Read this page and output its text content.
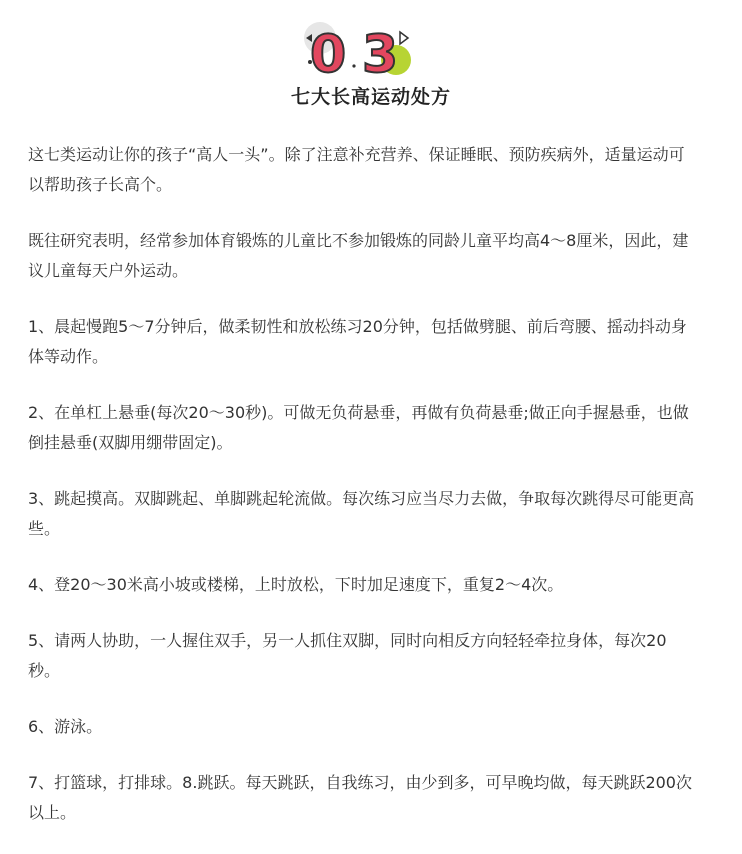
0 3
七大长高运动处方

这七类运动让你的孩子“高人一头”。除了注意补充营养、保证睡眠、预防疾病外，适量运动可以帮助孩子长高个。

既往研究表明，经常参加体育锻炼的儿童比不参加锻炼的同龄儿童平均高4～8厘米，因此，建议儿童每天户外运动。

1、晨起慢跑5～7分钟后，做柔韧性和放松练习20分钟，包括做劈腿、前后弯腰、摇动抖动身体等动作。

2、在单杠上悬垂(每次20～30秒)。可做无负荷悬垂，再做有负荷悬垂;做正向手握悬垂，也做倒挂悬垂(双脚用绷带固定)。

3、跳起摸高。双脚跳起、单脚跳起轮流做。每次练习应当尽力去做，争取每次跳得尽可能更高些。

4、登20～30米高小坡或楼梯，上时放松，下时加足速度下，重复2～4次。

5、请两人协助，一人握住双手，另一人抓住双脚，同时向相反方向轻轻牵拉身体，每次20秒。

6、游泳。

7、打篮球，打排球。8.跳跃。每天跳跃，自我练习，由少到多，可早晚均做，每天跳跃200次以上。
